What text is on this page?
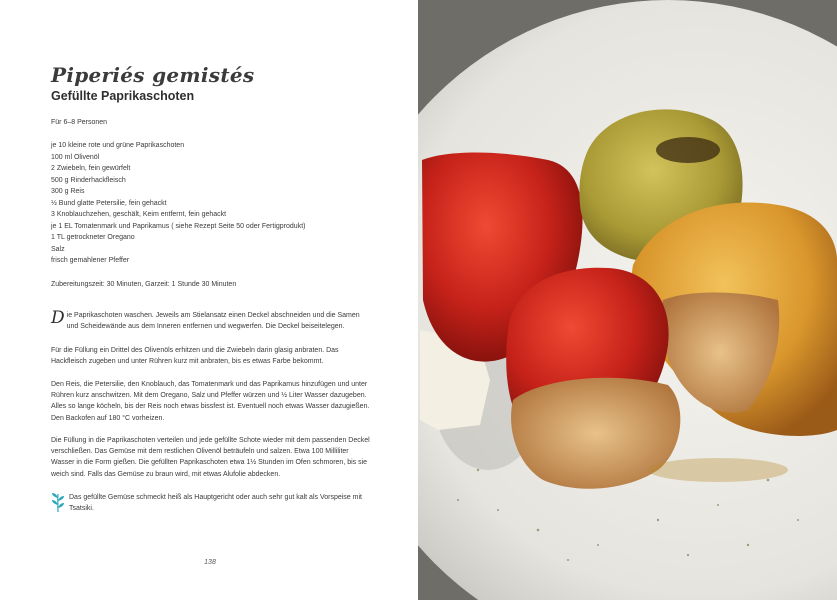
Piperiés gemistés
Gefüllte Paprikaschoten
Für 6–8 Personen
je 10 kleine rote und grüne Paprikaschoten
100 ml Olivenöl
2 Zwiebeln, fein gewürfelt
500 g Rinderhackfleisch
300 g Reis
½ Bund glatte Petersilie, fein gehackt
3 Knoblauchzehen, geschält, Keim entfernt, fein gehackt
je 1 EL Tomatenmark und Paprikamus ( siehe Rezept Seite 50 oder Fertigprodukt)
1 TL getrockneter Oregano
Salz
frisch gemahlener Pfeffer
Zubereitungszeit: 30 Minuten, Garzeit: 1 Stunde 30 Minuten

Die Paprikaschoten waschen. Jeweils am Stielansatz einen Deckel abschneiden und die Samen und Scheidewände aus dem Inneren entfernen und wegwerfen. Die Deckel beiseitelegen.

Für die Füllung ein Drittel des Olivenöls erhitzen und die Zwiebeln darin glasig anbraten. Das Hackfleisch zugeben und unter Rühren kurz mit anbraten, bis es etwas Farbe bekommt.

Den Reis, die Petersilie, den Knoblauch, das Tomatenmark und das Paprikamus hinzufügen und unter Rühren kurz anschwitzen. Mit dem Oregano, Salz und Pfeffer würzen und ½ Liter Wasser dazugeben. Alles so lange köcheln, bis der Reis noch etwas bissfest ist. Eventuell noch etwas Wasser dazugießen. Den Backofen auf 180 °C vorheizen.

Die Füllung in die Paprikaschoten verteilen und jede gefüllte Schote wieder mit dem passenden Deckel verschließen. Das Gemüse mit dem restlichen Olivenöl beträufeln und salzen. Etwa 100 Milliliter Wasser in die Form gießen. Die gefüllten Paprikaschoten etwa 1½ Stunden im Ofen schmoren, bis sie weich sind. Falls das Gemüse zu braun wird, mit etwas Alufolie abdecken.

Das gefüllte Gemüse schmeckt heiß als Hauptgericht oder auch sehr gut kalt als Vorspeise mit Tsatsiki.
138
